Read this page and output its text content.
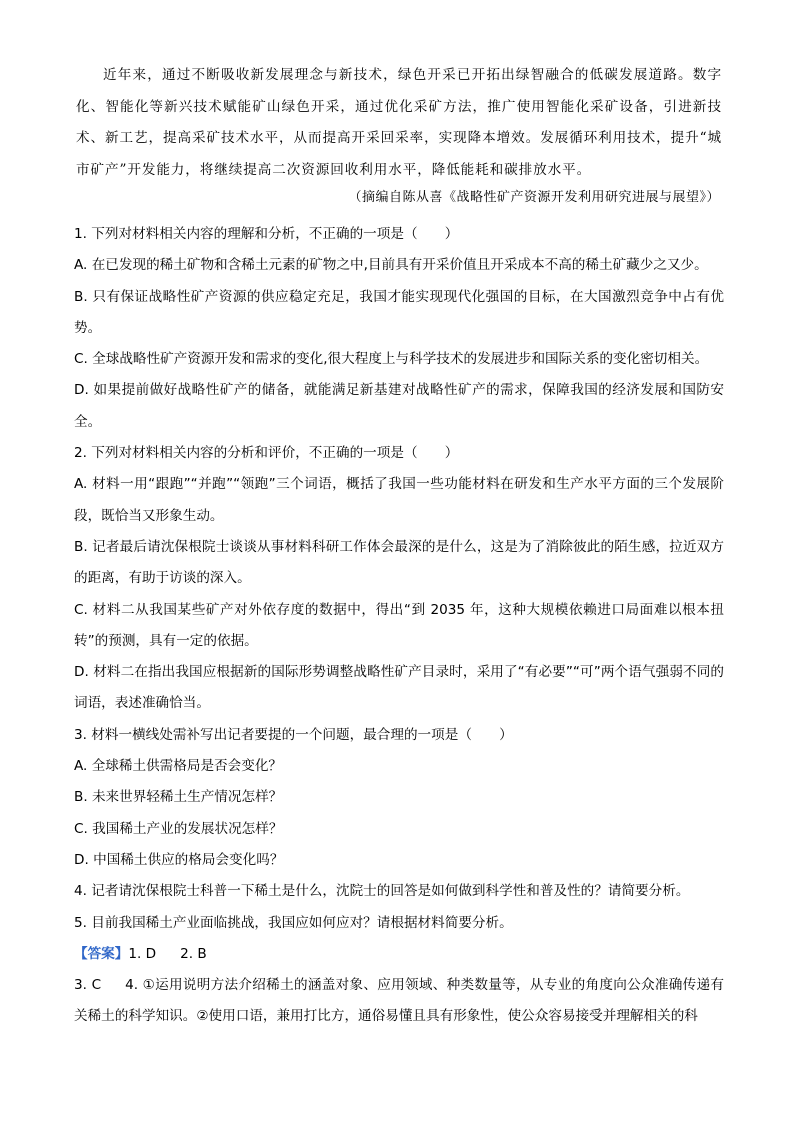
近年来，通过不断吸收新发展理念与新技术，绿色开采已开拓出绿智融合的低碳发展道路。数字化、智能化等新兴技术赋能矿山绿色开采，通过优化采矿方法，推广使用智能化采矿设备，引进新技术、新工艺，提高采矿技术水平，从而提高开采回采率，实现降本增效。发展循环利用技术，提升“城市矿产”开发能力，将继续提高二次资源回收利用水平，降低能耗和碳排放水平。

（摘编自陈从喜《战略性矿产资源开发利用研究进展与展望》）

1. 下列对材料相关内容的理解和分析，不正确的一项是（　　）

A. 在已发现的稀土矿物和含稀土元素的矿物之中,目前具有开采价值且开采成本不高的稀土矿藏少之又少。

B. 只有保证战略性矿产资源的供应稳定充足，我国才能实现现代化强国的目标，在大国激烈竞争中占有优势。

C. 全球战略性矿产资源开发和需求的变化,很大程度上与科学技术的发展进步和国际关系的变化密切相关。

D. 如果提前做好战略性矿产的储备，就能满足新基建对战略性矿产的需求，保障我国的经济发展和国防安全。

2. 下列对材料相关内容的分析和评价，不正确的一项是（　　）

A. 材料一用“跟跑”“并跑”“领跑”三个词语，概括了我国一些功能材料在研发和生产水平方面的三个发展阶段，既恰当又形象生动。

B. 记者最后请沈保根院士谈谈从事材料科研工作体会最深的是什么，这是为了消除彼此的陌生感，拉近双方的距离，有助于访谈的深入。

C. 材料二从我国某些矿产对外依存度的数据中，得出“到 2035 年，这种大规模依赖进口局面难以根本扭转”的预测，具有一定的依据。

D. 材料二在指出我国应根据新的国际形势调整战略性矿产目录时，采用了“有必要”“可”两个语气强弱不同的词语，表述准确恰当。

3. 材料一横线处需补写出记者要提的一个问题，最合理的一项是（　　）

A. 全球稀土供需格局是否会变化？

B. 未来世界轻稀土生产情况怎样？

C. 我国稀土产业的发展状况怎样？

D. 中国稀土供应的格局会变化吗？

4. 记者请沈保根院士科普一下稀土是什么，沈院士的回答是如何做到科学性和普及性的？请简要分析。

5. 目前我国稀土产业面临挑战，我国应如何应对？请根据材料简要分析。

【答案】1. D 2. B

3. C 4. ①运用说明方法介绍稀土的涵盖对象、应用领域、种类数量等，从专业的角度向公众准确传递有关稀土的科学知识。②使用口语，兼用打比方，通俗易懂且具有形象性，使公众容易接受并理解相关的科
